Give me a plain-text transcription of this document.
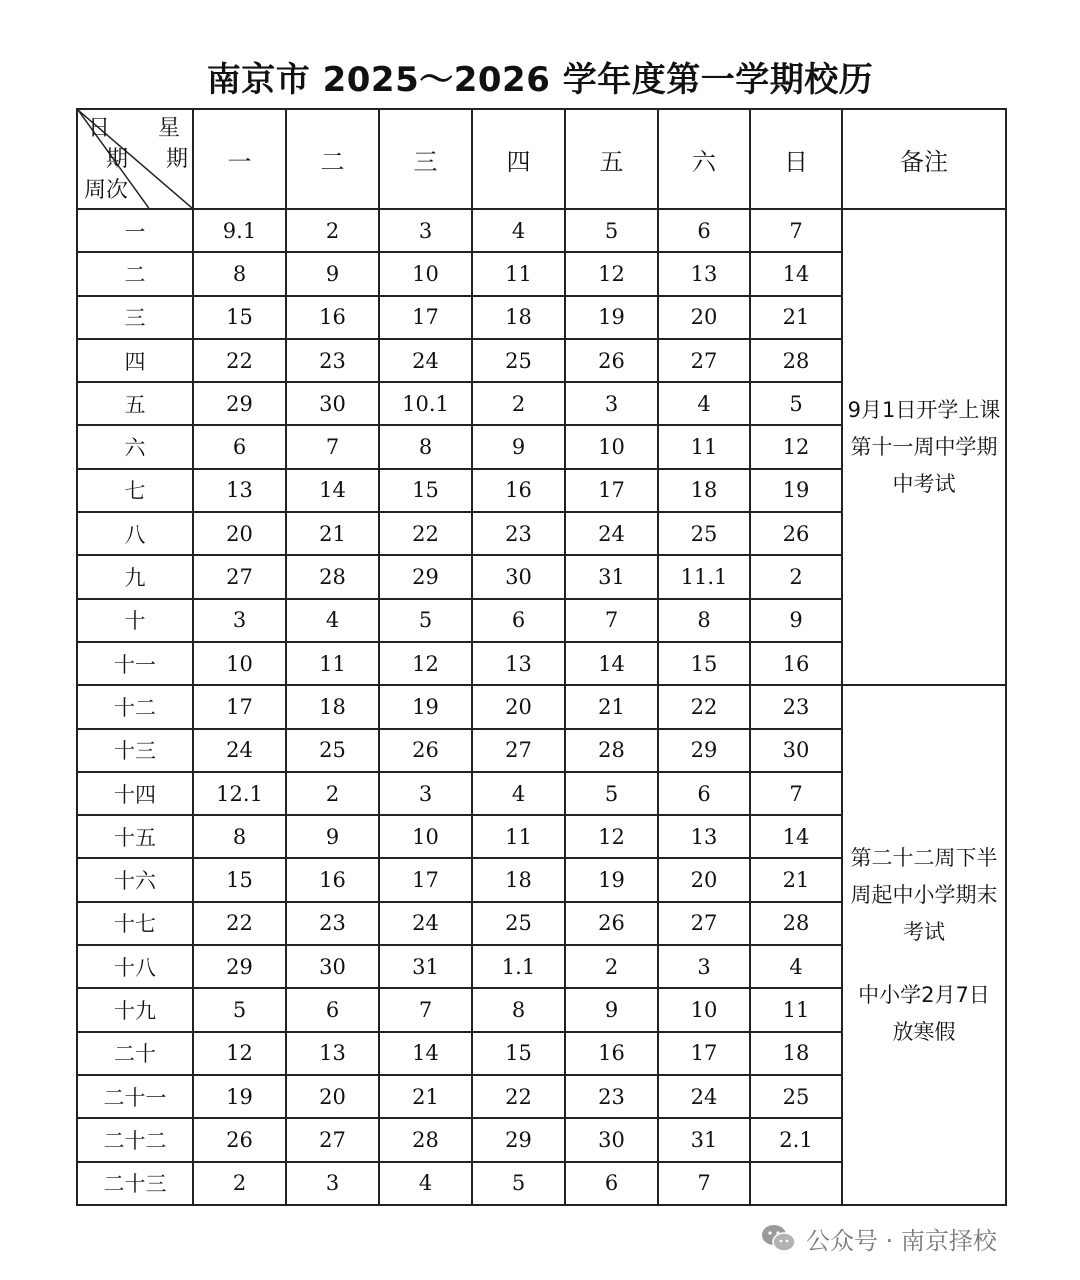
南京市 2025～2026 学年度第一学期校历
日 星
期 期
周次	一	二	三	四	五	六	日	备注
一	9.1	2	3	4	5	6	7	9月1日开学上课
第十一周中学期
中考试

二	8	9	10	11	12	13	14	
三	15	16	17	18	19	20	21	
四	22	23	24	25	26	27	28	
五	29	30	10.1	2	3	4	5	
六	6	7	8	9	10	11	12	
七	13	14	15	16	17	18	19	
八	20	21	22	23	24	25	26	
九	27	28	29	30	31	11.1	2	
十	3	4	5	6	7	8	9	
十一	10	11	12	13	14	15	16	
十二	17	18	19	20	21	22	23	第二十二周下半
周起中小学期末
考试
中小学2月7日
放寒假

十三	24	25	26	27	28	29	30	
十四	12.1	2	3	4	5	6	7	
十五	8	9	10	11	12	13	14	
十六	15	16	17	18	19	20	21	
十七	22	23	24	25	26	27	28	
十八	29	30	31	1.1	2	3	4	
十九	5	6	7	8	9	10	11	
二十	12	13	14	15	16	17	18	
二十一	19	20	21	22	23	24	25	
二十二	26	27	28	29	30	31	2.1	
二十三	2	3	4	5	6	7		
公众号 · 南京择校
